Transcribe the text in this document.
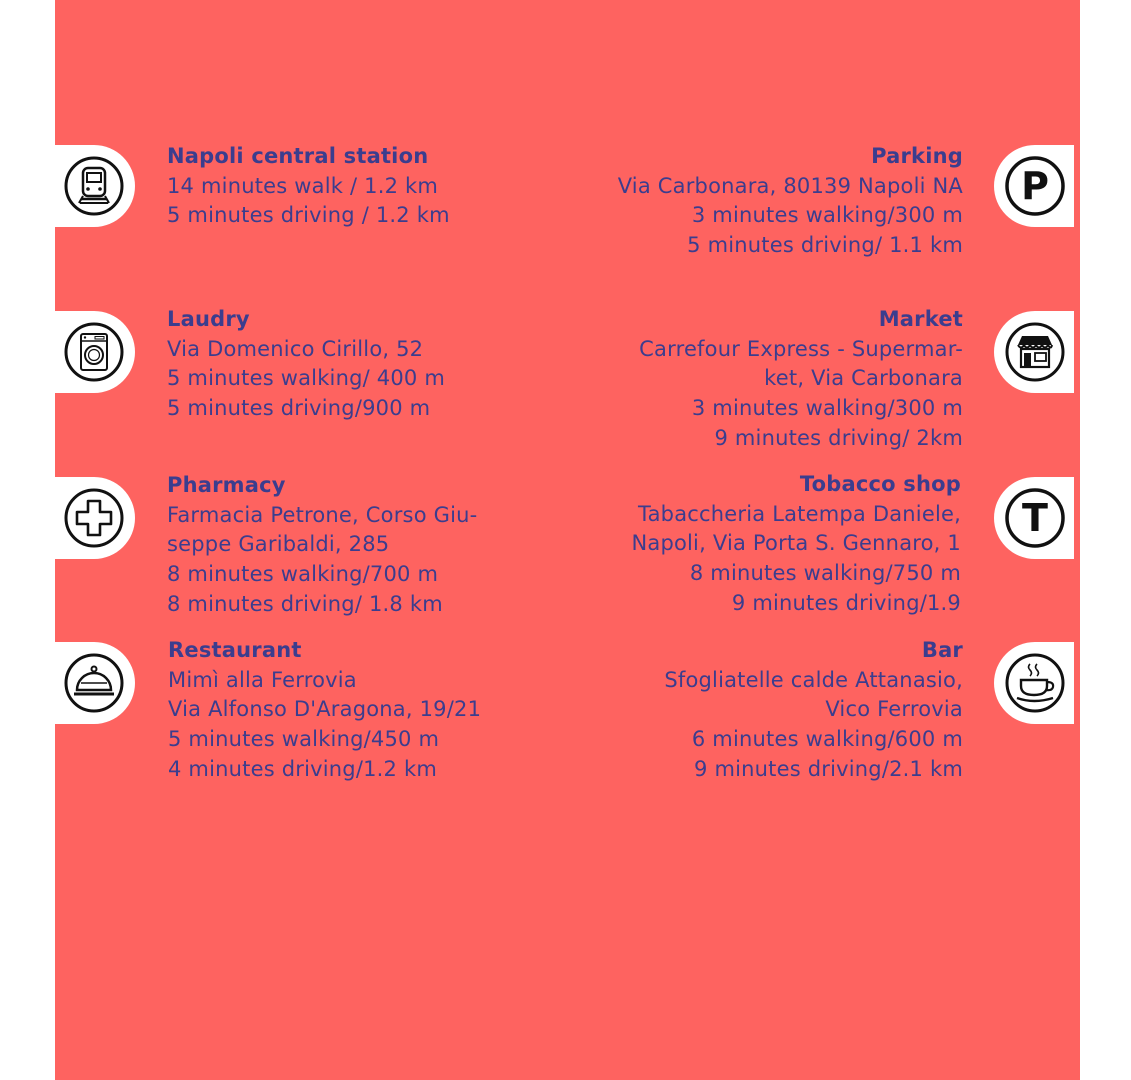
P
T
Napoli central station
14 minutes walk / 1.2 km
5 minutes driving / 1.2 km
Laudry
Via Domenico Cirillo, 52
5 minutes walking/ 400 m
5 minutes driving/900 m
Pharmacy
Farmacia Petrone, Corso Giu-
seppe Garibaldi, 285
8 minutes walking/700 m
8 minutes driving/ 1.8 km
Restaurant
Mimì alla Ferrovia
Via Alfonso D'Aragona, 19/21
5 minutes walking/450 m
4 minutes driving/1.2 km
Parking
Via Carbonara, 80139 Napoli NA
3 minutes walking/300 m
5 minutes driving/ 1.1 km
Market
Carrefour Express - Supermar-
ket, Via Carbonara
3 minutes walking/300 m
9 minutes driving/ 2km
Tobacco shop
Tabaccheria Latempa Daniele,
Napoli, Via Porta S. Gennaro, 1
8 minutes walking/750 m
9 minutes driving/1.9
Bar
Sfogliatelle calde Attanasio,
Vico Ferrovia
6 minutes walking/600 m
9 minutes driving/2.1 km
